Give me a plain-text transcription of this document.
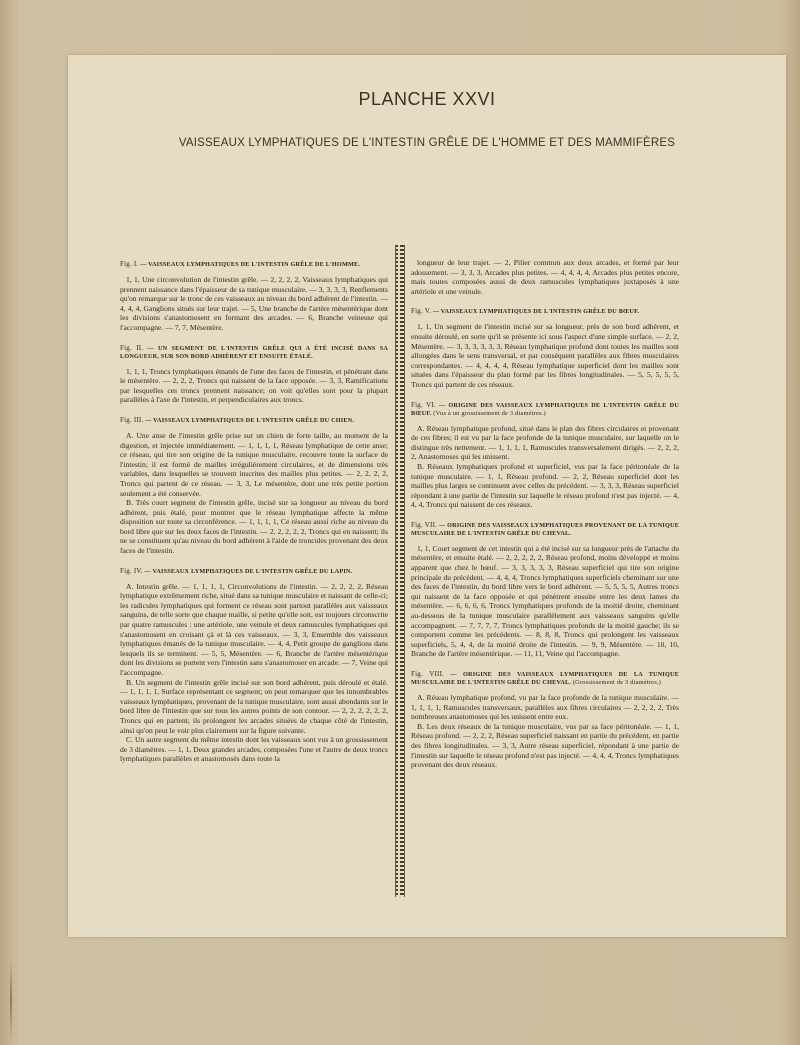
PLANCHE XXVI
VAISSEAUX LYMPHATIQUES DE L'INTESTIN GRÊLE DE L'HOMME ET DES MAMMIFÈRES

Fig. I. — VAISSEAUX LYMPHATIQUES DE L'INTESTIN GRÊLE DE L'HOMME.

1, 1, Une circonvolution de l'intestin grêle. — 2, 2, 2, 2, Vaisseaux lymphatiques qui prennent naissance dans l'épaisseur de sa tunique musculaire. — 3, 3, 3, 3, Renflements qu'on remarque sur le tronc de ces vaisseaux au niveau du bord adhérent de l'intestin. — 4, 4, 4, Ganglions situés sur leur trajet. — 5, Une branche de l'artère mésentérique dont les divisions s'anastomosent en formant des arcades. — 6, Branche veineuse qui l'accompagne. — 7, 7, Mésentère.

Fig. II. — UN SEGMENT DE L'INTESTIN GRÊLE QUI A ÉTÉ INCISÉ DANS SA LONGUEUR, SUR SON BORD ADHÉRENT ET ENSUITE ÉTALÉ.

1, 1, 1, Troncs lymphatiques émanés de l'une des faces de l'intestin, et pénétrant dans le mésentère. — 2, 2, 2, Troncs qui naissent de la face opposée. — 3, 3, Ramifications par lesquelles ces troncs prennent naissance; on voit qu'elles sont pour la plupart parallèles à l'axe de l'intestin, et perpendiculaires aux troncs.

Fig. III. — VAISSEAUX LYMPHATIQUES DE L'INTESTIN GRÊLE DU CHIEN.

A. Une anse de l'intestin grêle prise sur un chien de forte taille, au moment de la digestion, et injectée immédiatement. — 1, 1, 1, 1, Réseau lymphatique de cette anse; ce réseau, qui tire son origine de la tunique musculaire, recouvre toute la surface de l'intestin; il est formé de mailles irrégulièrement circulaires, et de dimensions très variables, dans lesquelles se trouvent inscrites des mailles plus petites. — 2, 2, 2, 2, Troncs qui partent de ce réseau. — 3, 3, Le mésentère, dont une très petite portion seulement a été conservée.

B. Très court segment de l'intestin grêle, incisé sur sa longueur au niveau du bord adhérent, puis étalé, pour montrer que le réseau lymphatique affecte la même disposition sur toute sa circonférence. — 1, 1, 1, 1, Ce réseau aussi riche au niveau du bord libre que sur les deux faces de l'intestin. — 2, 2, 2, 2, 2, Troncs qui en naissent; ils ne se constituent qu'au niveau du bord adhérent à l'aide de troncules provenant des deux faces de l'intestin.

Fig. IV. — VAISSEAUX LYMPHATIQUES DE L'INTESTIN GRÊLE DU LAPIN.

A. Intestin grêle. — 1, 1, 1, 1, Circonvolutions de l'intestin. — 2, 2, 2, 2, Réseau lymphatique extrêmement riche, situé dans sa tunique musculaire et naissant de celle-ci; les radicules lymphatiques qui forment ce réseau sont partout parallèles aux vaisseaux sanguins, de telle sorte que chaque maille, si petite qu'elle soit, est toujours circonscrite par quatre ramuscules : une artériole, une veinule et deux ramuscules lymphatiques qui s'anastomosent en croisant çà et là ces vaisseaux. — 3, 3, Ensemble des vaisseaux lymphatiques émanés de la tunique musculaire. — 4, 4, Petit groupe de ganglions dans lesquels ils se terminent. — 5, 5, Mésentère. — 6, Branche de l'artère mésentérique dont les divisions se portent vers l'intestin sans s'anastomoser en arcade. — 7, Veine qui l'accompagne.

B. Un segment de l'intestin grêle incisé sur son bord adhérent, puis déroulé et étalé. — 1, 1, 1, 1, Surface représentant ce segment; on peut remarquer que les innombrables vaisseaux lymphatiques, provenant de la tunique musculaire, sont aussi abondants sur le bord libre de l'intestin que sur tous les autres points de son contour. — 2, 2, 2, 2, 2, 2, Troncs qui en partent; ils prolongent les arcades situées de chaque côté de l'intestin, ainsi qu'on peut le voir plus clairement sur la figure suivante.

C. Un autre segment du même intestin dont les vaisseaux sont vus à un grossissement de 3 diamètres. — 1, 1, Deux grandes arcades, composées l'une et l'autre de deux troncs lymphatiques parallèles et anastomosés dans toute la

longueur de leur trajet. — 2, Pilier commun aux deux arcades, et formé par leur adossement. — 3, 3, 3, Arcades plus petites. — 4, 4, 4, 4, Arcades plus petites encore, mais toutes composées aussi de deux ramuscules lymphatiques juxtaposés à une artériole et une veinule.

Fig. V. — VAISSEAUX LYMPHATIQUES DE L'INTESTIN GRÊLE DU BŒUF.

1, 1, Un segment de l'intestin incisé sur sa longueur, près de son bord adhérent, et ensuite déroulé, en sorte qu'il se présente ici sous l'aspect d'une simple surface. — 2, 2, Mésentère. — 3, 3, 3, 3, 3, 3, Réseau lymphatique profond dont toutes les mailles sont allongées dans le sens transversal, et par conséquent parallèles aux fibres musculaires correspondantes. — 4, 4, 4, 4, Réseau lymphatique superficiel dont les mailles sont situées dans l'épaisseur du plan formé par les fibres longitudinales. — 5, 5, 5, 5, 5, Troncs qui partent de ces réseaux.

Fig. VI. — ORIGINE DES VAISSEAUX LYMPHATIQUES DE L'INTESTIN GRÊLE DU BŒUF. (Vus à un grossissement de 3 diamètres.)

A. Réseau lymphatique profond, situé dans le plan des fibres circulaires et provenant de ces fibres; il est vu par la face profonde de la tunique musculaire, sur laquelle on le distingue très nettement. — 1, 1, 1, 1, Ramuscules transversalement dirigés. — 2, 2, 2, 2, Anastomoses qui les unissent.

B. Réseaux lymphatiques profond et superficiel, vus par la face péritonéale de la tunique musculaire. — 1, 1, Réseau profond. — 2, 2, Réseau superficiel dont les mailles plus larges se continuent avec celles du précédent. — 3, 3, 3, Réseau superficiel répondant à une partie de l'intestin sur laquelle le réseau profond n'est pas injecté. — 4, 4, 4, Troncs qui naissent de ces réseaux.

Fig. VII. — ORIGINE DES VAISSEAUX LYMPHATIQUES PROVENANT DE LA TUNIQUE MUSCULAIRE DE L'INTESTIN GRÊLE DU CHEVAL.

1, 1, Court segment de cet intestin qui a été incisé sur sa longueur près de l'attache du mésentère, et ensuite étalé. — 2, 2, 2, 2, 2, Réseau profond, moins développé et moins apparent que chez le bœuf. — 3, 3, 3, 3, 3, Réseau superficiel qui tire son origine principale du précédent. — 4, 4, 4, Troncs lymphatiques superficiels cheminant sur une des faces de l'intestin, du bord libre vers le bord adhérent. — 5, 5, 5, 5, Autres troncs qui naissent de la face opposée et qui pénètrent ensuite entre les deux lames du mésentère. — 6, 6, 6, 6, Troncs lymphatiques profonds de la moitié droite, cheminant au-dessous de la tunique musculaire parallèlement aux vaisseaux sanguins qu'elle accompagnent. — 7, 7, 7, 7, Troncs lymphatiques profonds de la moitié gauche; ils se comportent comme les précédents. — 8, 8, 8, Troncs qui prolongent les vaisseaux superficiels, 5, 4, 4, de la moitié droite de l'intestin. — 9, 9, Mésentère. — 10, 10, Branche de l'artère mésentérique. — 11, 11, Veine qui l'accompagne.

Fig. VIII. — ORIGINE DES VAISSEAUX LYMPHATIQUES DE LA TUNIQUE MUSCULAIRE DE L'INTESTIN GRÊLE DU CHEVAL. (Grossissement de 3 diamètres.)

A. Réseau lymphatique profond, vu par la face profonde de la tunique musculaire. — 1, 1, 1, 1, Ramuscules transversaux, parallèles aux fibres circulaires — 2, 2, 2, 2, Très nombreuses anastomoses qui les unissent entre eux.

B. Les deux réseaux de la tunique musculaire, vus par sa face péritonéale. — 1, 1, Réseau profond. — 2, 2, 2, Réseau superficiel naissant en partie du précédent, en partie des fibres longitudinales. — 3, 3, Autre réseau superficiel, répondant à une partie de l'intestin sur laquelle le réseau profond n'est pas injecté. — 4, 4, 4, Troncs lymphatiques provenant des deux réseaux.
